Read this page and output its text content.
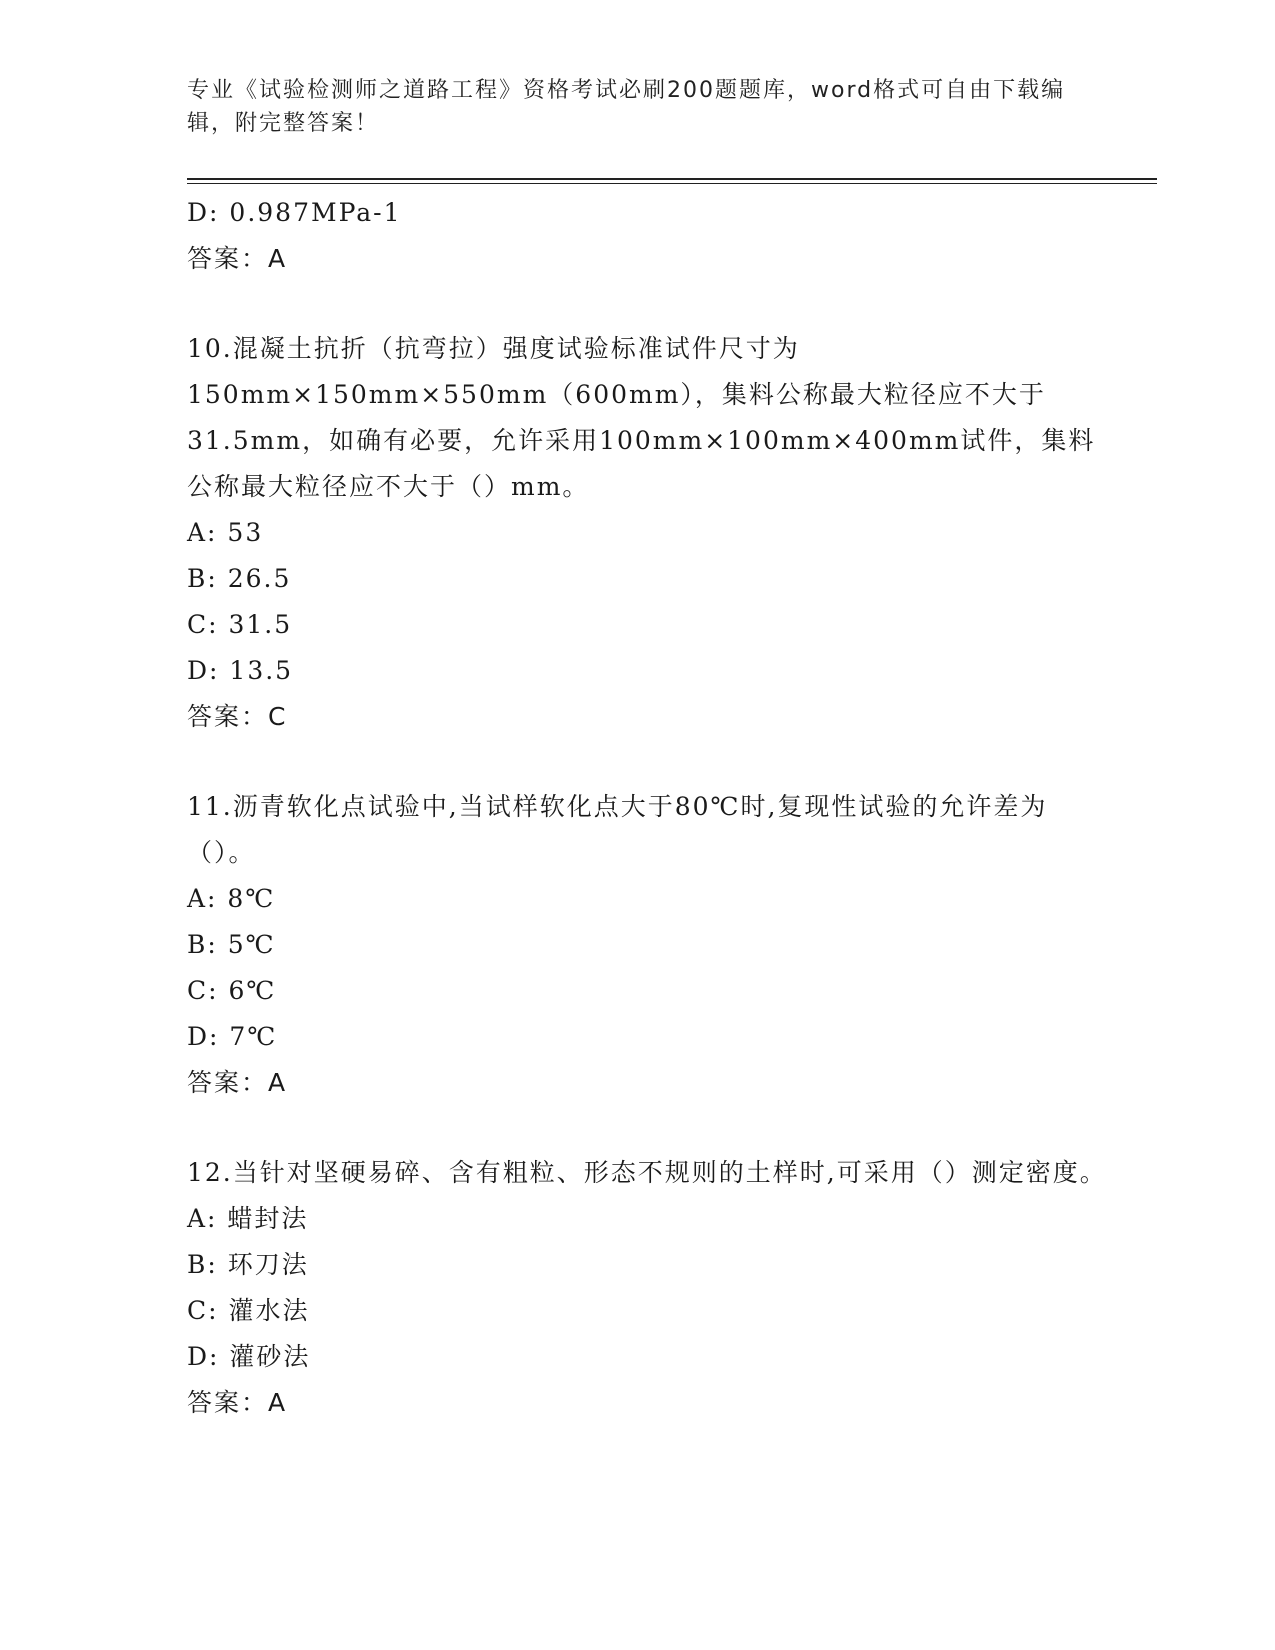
专业《试验检测师之道路工程》资格考试必刷200题题库，word格式可自由下载编辑，附完整答案！
D: 0.987MPa-1
答案：A
10.混凝土抗折（抗弯拉）强度试验标准试件尺寸为150mm×150mm×550mm（600mm），集料公称最大粒径应不大于31.5mm，如确有必要，允许采用100mm×100mm×400mm试件，集料公称最大粒径应不大于（）mm。
A: 53
B: 26.5
C: 31.5
D: 13.5
答案：C
11.沥青软化点试验中,当试样软化点大于80℃时,复现性试验的允许差为（）。
A: 8℃
B: 5℃
C: 6℃
D: 7℃
答案：A
12.当针对坚硬易碎、含有粗粒、形态不规则的土样时,可采用（）测定密度。
A: 蜡封法
B: 环刀法
C: 灌水法
D: 灌砂法
答案：A
